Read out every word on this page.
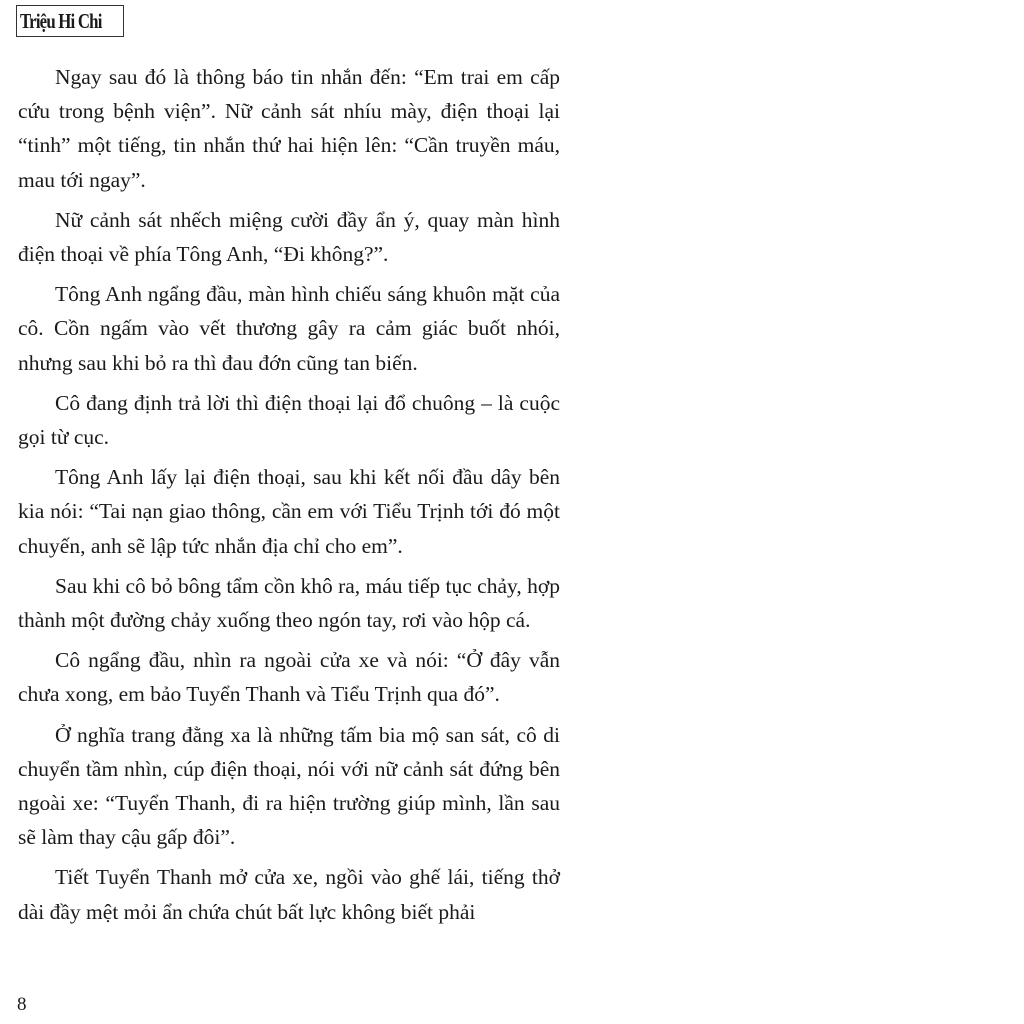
Triệu Hi Chi

Ngay sau đó là thông báo tin nhắn đến: “Em trai em cấp cứu trong bệnh viện”. Nữ cảnh sát nhíu mày, điện thoại lại “tinh” một tiếng, tin nhắn thứ hai hiện lên: “Cần truyền máu, mau tới ngay”.

Nữ cảnh sát nhếch miệng cười đầy ẩn ý, quay màn hình điện thoại về phía Tông Anh, “Đi không?”.

Tông Anh ngẩng đầu, màn hình chiếu sáng khuôn mặt của cô. Cồn ngấm vào vết thương gây ra cảm giác buốt nhói, nhưng sau khi bỏ ra thì đau đớn cũng tan biến.

Cô đang định trả lời thì điện thoại lại đổ chuông – là cuộc gọi từ cục.

Tông Anh lấy lại điện thoại, sau khi kết nối đầu dây bên kia nói: “Tai nạn giao thông, cần em với Tiểu Trịnh tới đó một chuyến, anh sẽ lập tức nhắn địa chỉ cho em”.

Sau khi cô bỏ bông tẩm cồn khô ra, máu tiếp tục chảy, hợp thành một đường chảy xuống theo ngón tay, rơi vào hộp cá.

Cô ngẩng đầu, nhìn ra ngoài cửa xe và nói: “Ở đây vẫn chưa xong, em bảo Tuyển Thanh và Tiểu Trịnh qua đó”.

Ở nghĩa trang đằng xa là những tấm bia mộ san sát, cô di chuyển tầm nhìn, cúp điện thoại, nói với nữ cảnh sát đứng bên ngoài xe: “Tuyển Thanh, đi ra hiện trường giúp mình, lần sau sẽ làm thay cậu gấp đôi”.

Tiết Tuyển Thanh mở cửa xe, ngồi vào ghế lái, tiếng thở dài đầy mệt mỏi ẩn chứa chút bất lực không biết phải

8
